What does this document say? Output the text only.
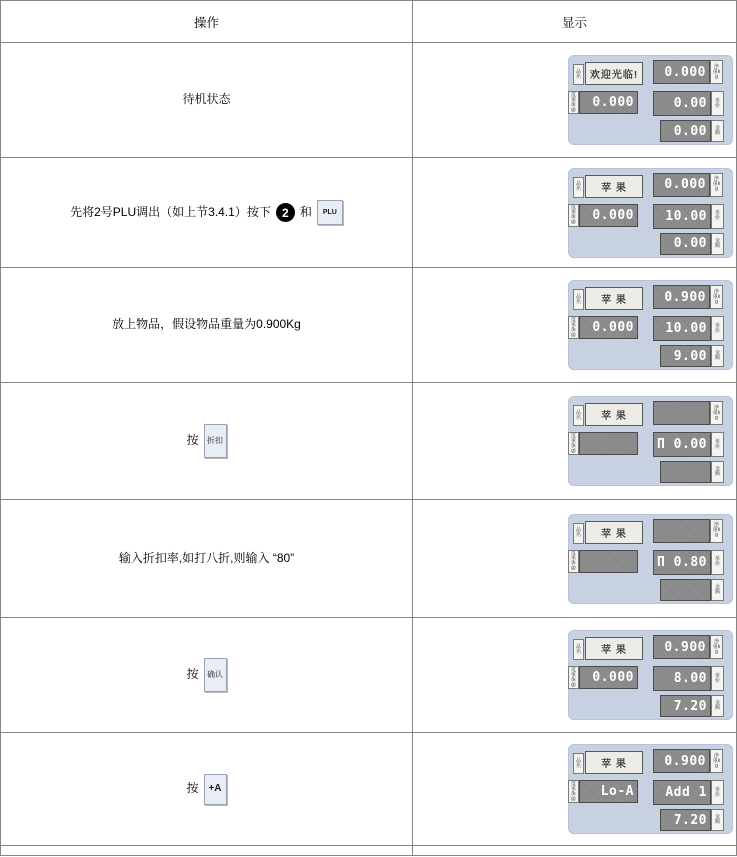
操作	显示

待机状态

品名 欢迎光临!	0.000	净重kg
皮重(kg)	0.000	0.00	单价
0.00	金额

先将2号PLU调出（如上节3.4.1）按下 2 和	PLU

品名	苹 果	0.000	净重kg
皮重(kg)	0.000	10.00	单价
0.00	金额

放上物品，假设物品重量为0.900Kg

品名	苹 果	0.900	净重kg
皮重(kg)	0.000	10.00	单价
9.00	金额

按	折扣

品名	苹 果
净重kg
皮重(kg)	Π 0.00	单价
金额

输入折扣率,如打八折,则输入 “80”

品名	苹 果
净重kg
皮重(kg)	Π 0.80	单价
金额

按	确认

品名	苹 果	0.900	净重kg
皮重(kg)	0.000	8.00	单价
7.20	金额

按 +A

品名	苹 果	0.900	净重kg
皮重(kg)	Lo-A	Add 1	单价
7.20	金额
